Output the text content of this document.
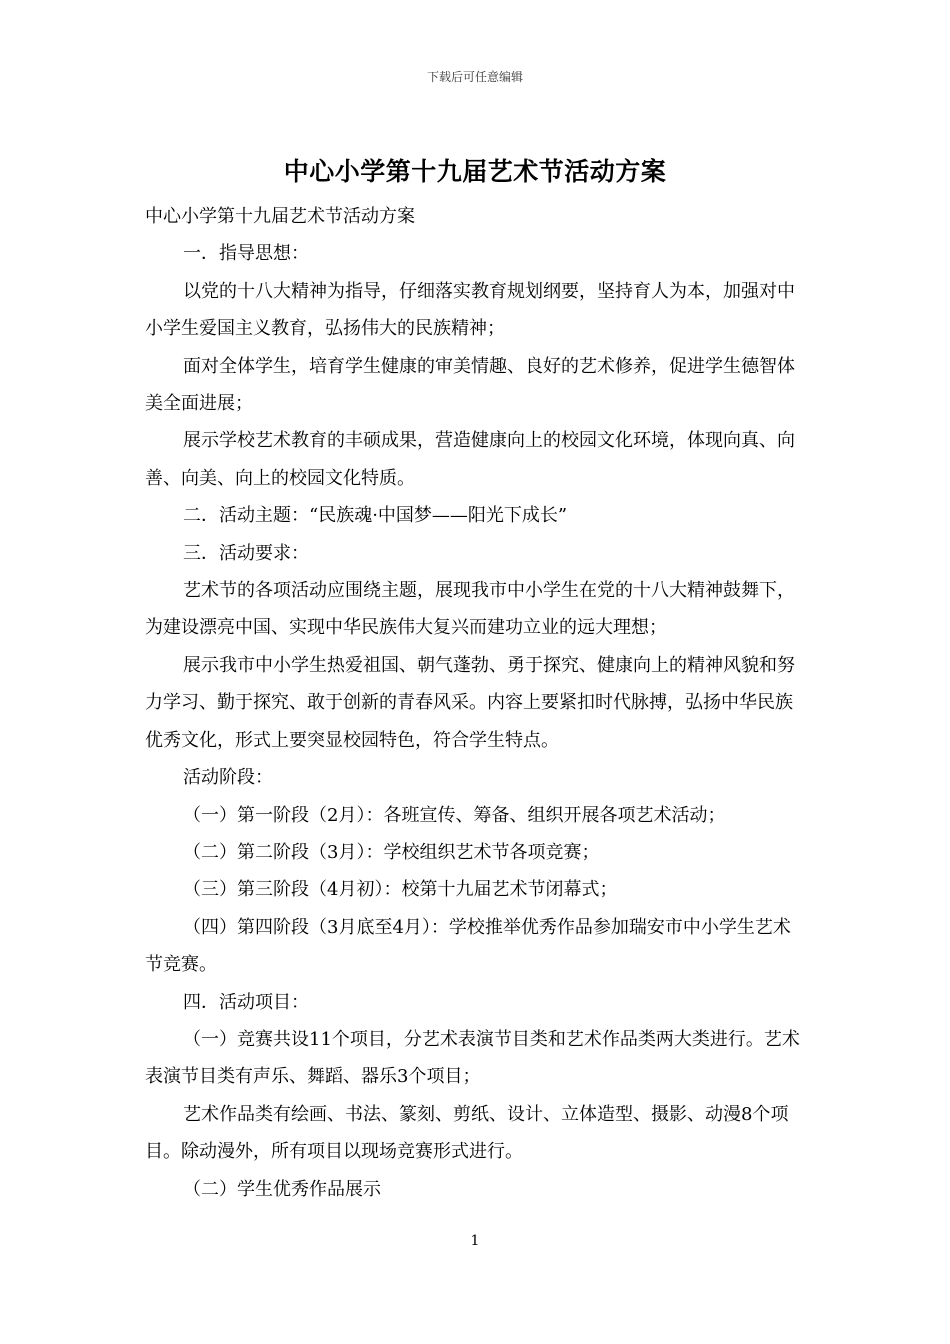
下载后可任意编辑
中心小学第十九届艺术节活动方案

中心小学第十九届艺术节活动方案

一．指导思想：

以党的十八大精神为指导，仔细落实教育规划纲要，坚持育人为本，加强对中小学生爱国主义教育，弘扬伟大的民族精神；

面对全体学生，培育学生健康的审美情趣、良好的艺术修养，促进学生德智体美全面进展；

展示学校艺术教育的丰硕成果，营造健康向上的校园文化环境，体现向真、向善、向美、向上的校园文化特质。

二．活动主题：“民族魂·中国梦——阳光下成长”

三．活动要求：

艺术节的各项活动应围绕主题，展现我市中小学生在党的十八大精神鼓舞下，为建设漂亮中国、实现中华民族伟大复兴而建功立业的远大理想；

展示我市中小学生热爱祖国、朝气蓬勃、勇于探究、健康向上的精神风貌和努力学习、勤于探究、敢于创新的青春风采。内容上要紧扣时代脉搏，弘扬中华民族优秀文化，形式上要突显校园特色，符合学生特点。

活动阶段：

（一）第一阶段（2月）：各班宣传、筹备、组织开展各项艺术活动；

（二）第二阶段（3月）：学校组织艺术节各项竞赛；

（三）第三阶段（4月初）：校第十九届艺术节闭幕式；

（四）第四阶段（3月底至4月）：学校推举优秀作品参加瑞安市中小学生艺术节竞赛。

四．活动项目：

（一）竞赛共设11个项目，分艺术表演节目类和艺术作品类两大类进行。艺术表演节目类有声乐、舞蹈、器乐3个项目；

艺术作品类有绘画、书法、篆刻、剪纸、设计、立体造型、摄影、动漫8个项目。除动漫外，所有项目以现场竞赛形式进行。

（二）学生优秀作品展示

1
